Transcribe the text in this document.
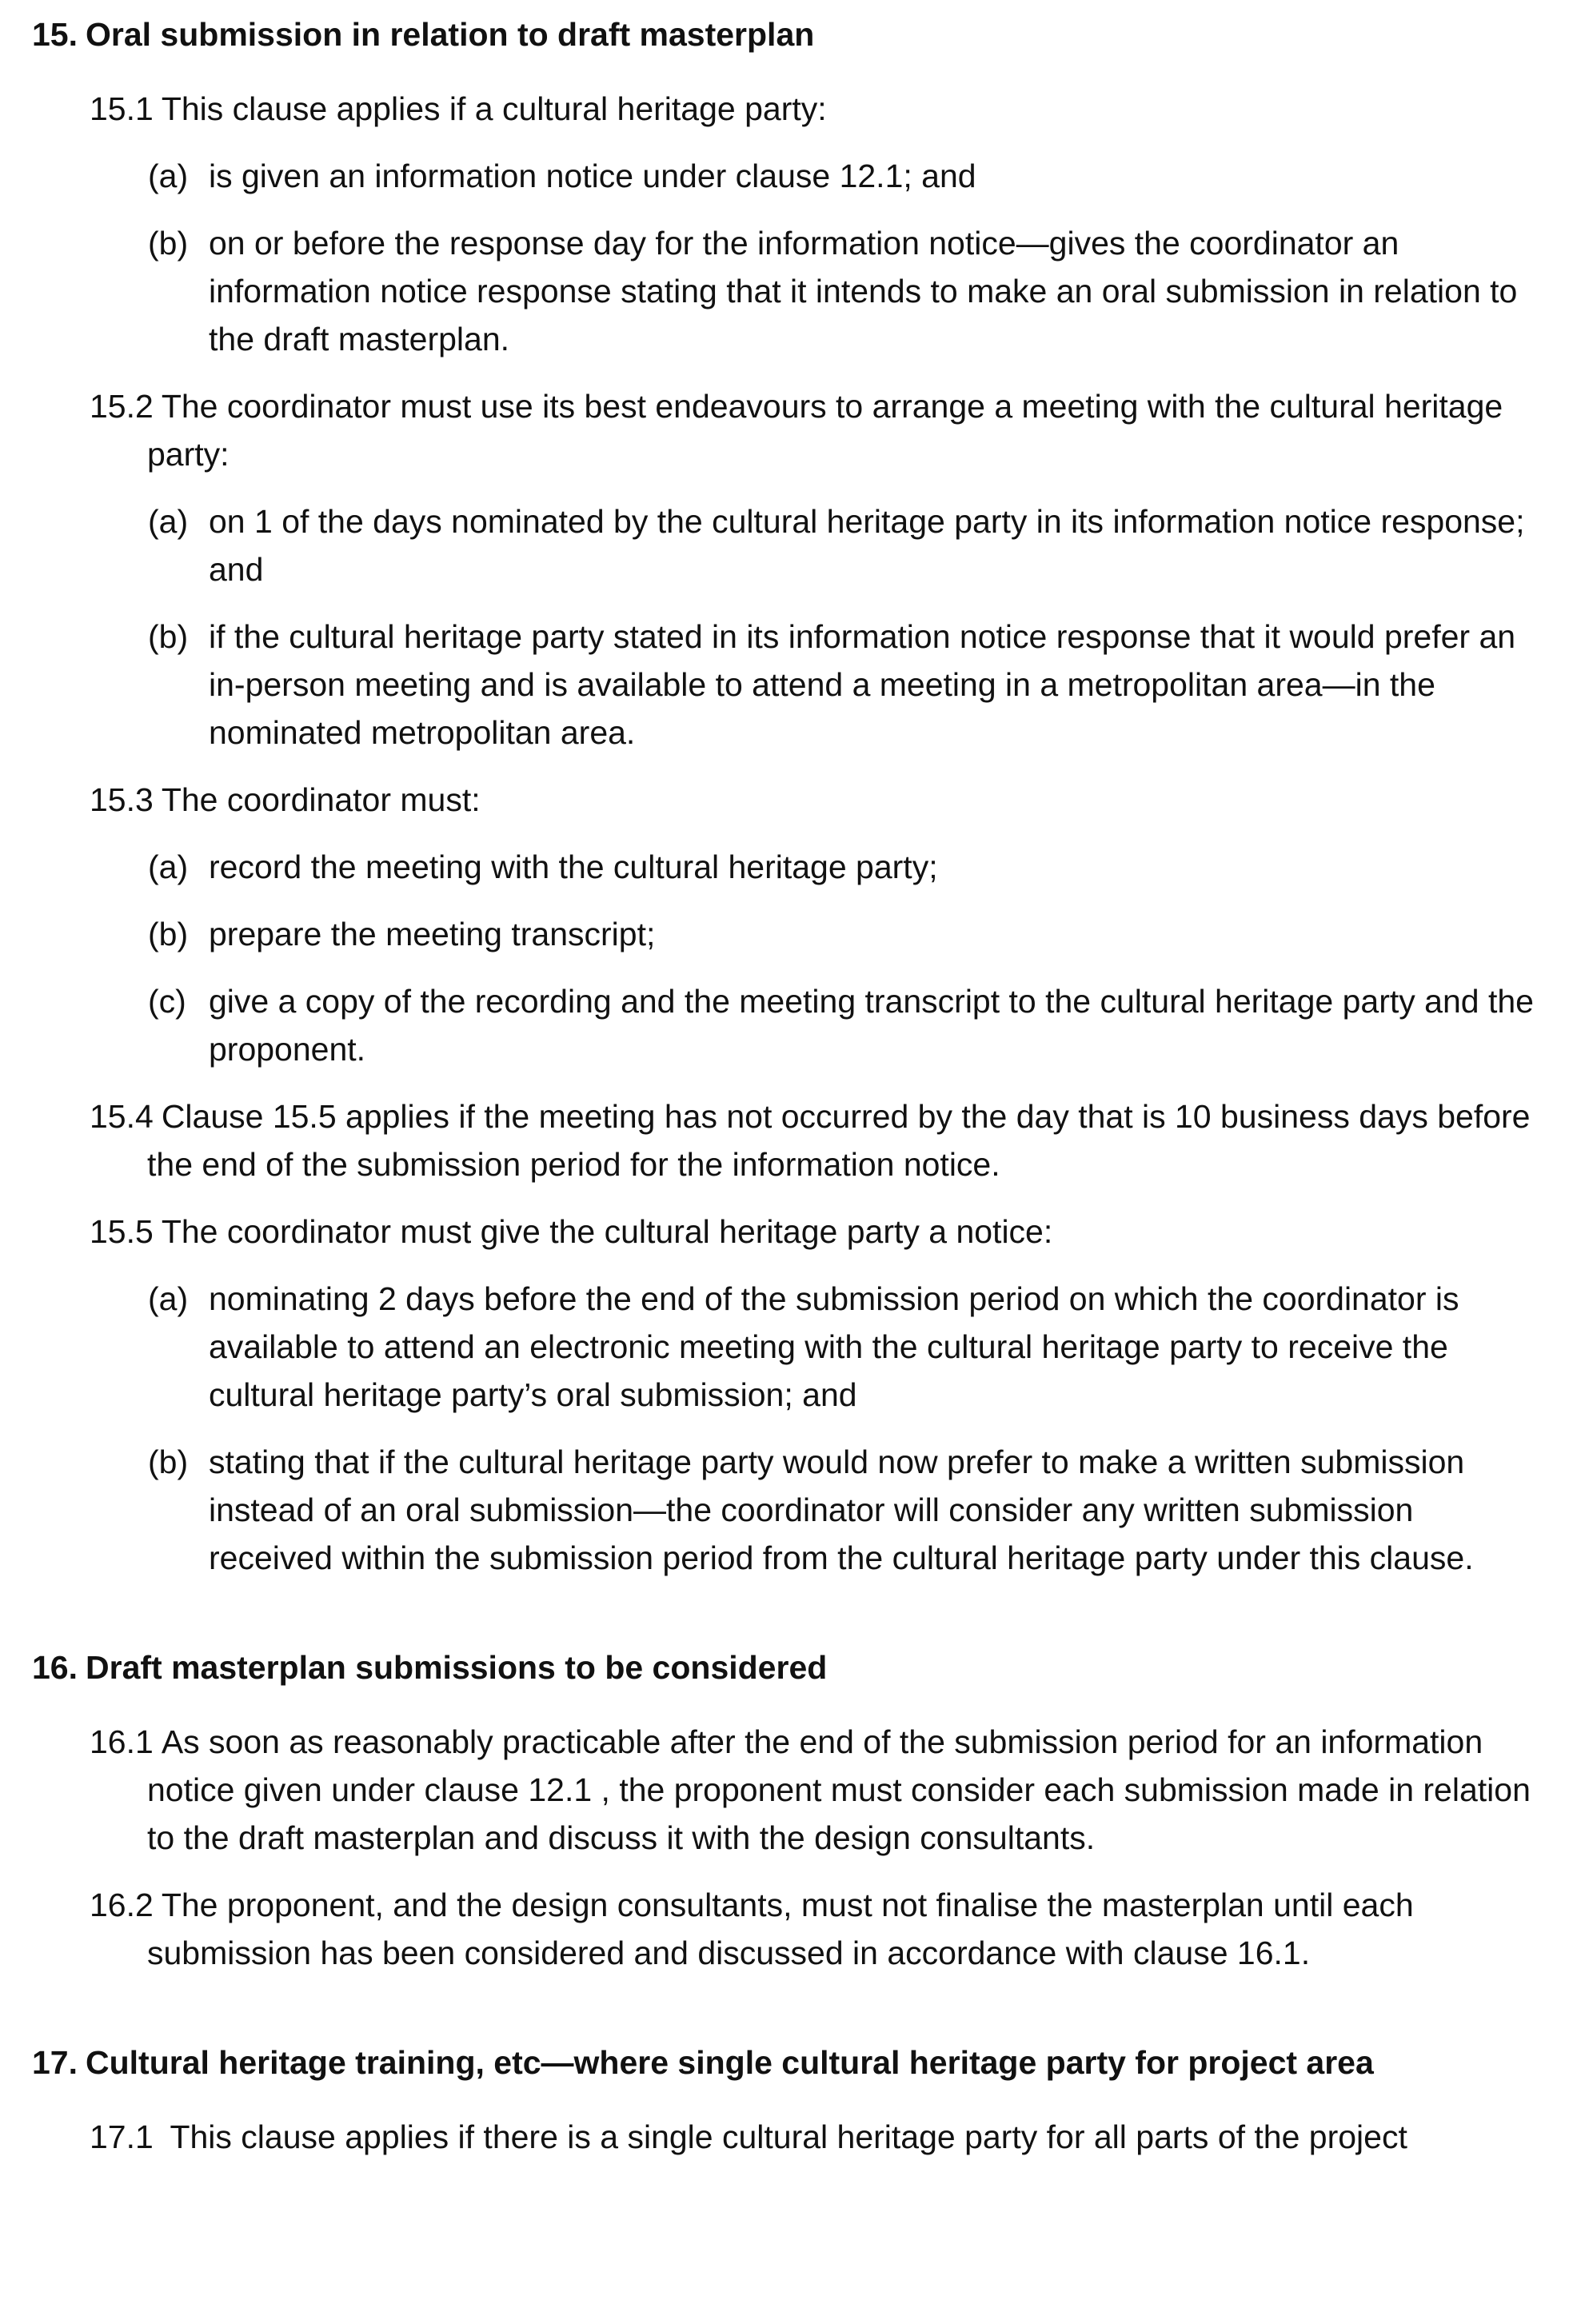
15. Oral submission in relation to draft masterplan
15.1 This clause applies if a cultural heritage party:
(a) is given an information notice under clause 12.1; and
(b) on or before the response day for the information notice—gives the coordinator an information notice response stating that it intends to make an oral submission in relation to the draft masterplan.
15.2 The coordinator must use its best endeavours to arrange a meeting with the cultural heritage party:
(a) on 1 of the days nominated by the cultural heritage party in its information notice response; and
(b) if the cultural heritage party stated in its information notice response that it would prefer an in-person meeting and is available to attend a meeting in a metropolitan area—in the nominated metropolitan area.
15.3 The coordinator must:
(a) record the meeting with the cultural heritage party;
(b) prepare the meeting transcript;
(c) give a copy of the recording and the meeting transcript to the cultural heritage party and the proponent.
15.4 Clause 15.5 applies if the meeting has not occurred by the day that is 10 business days before the end of the submission period for the information notice.
15.5 The coordinator must give the cultural heritage party a notice:
(a) nominating 2 days before the end of the submission period on which the coordinator is available to attend an electronic meeting with the cultural heritage party to receive the cultural heritage party’s oral submission; and
(b) stating that if the cultural heritage party would now prefer to make a written submission instead of an oral submission—the coordinator will consider any written submission received within the submission period from the cultural heritage party under this clause.
16. Draft masterplan submissions to be considered
16.1 As soon as reasonably practicable after the end of the submission period for an information notice given under clause 12.1 , the proponent must consider each submission made in relation to the draft masterplan and discuss it with the design consultants.
16.2 The proponent, and the design consultants, must not finalise the masterplan until each submission has been considered and discussed in accordance with clause 16.1.
17. Cultural heritage training, etc—where single cultural heritage party for project area
17.1 This clause applies if there is a single cultural heritage party for all parts of the project
